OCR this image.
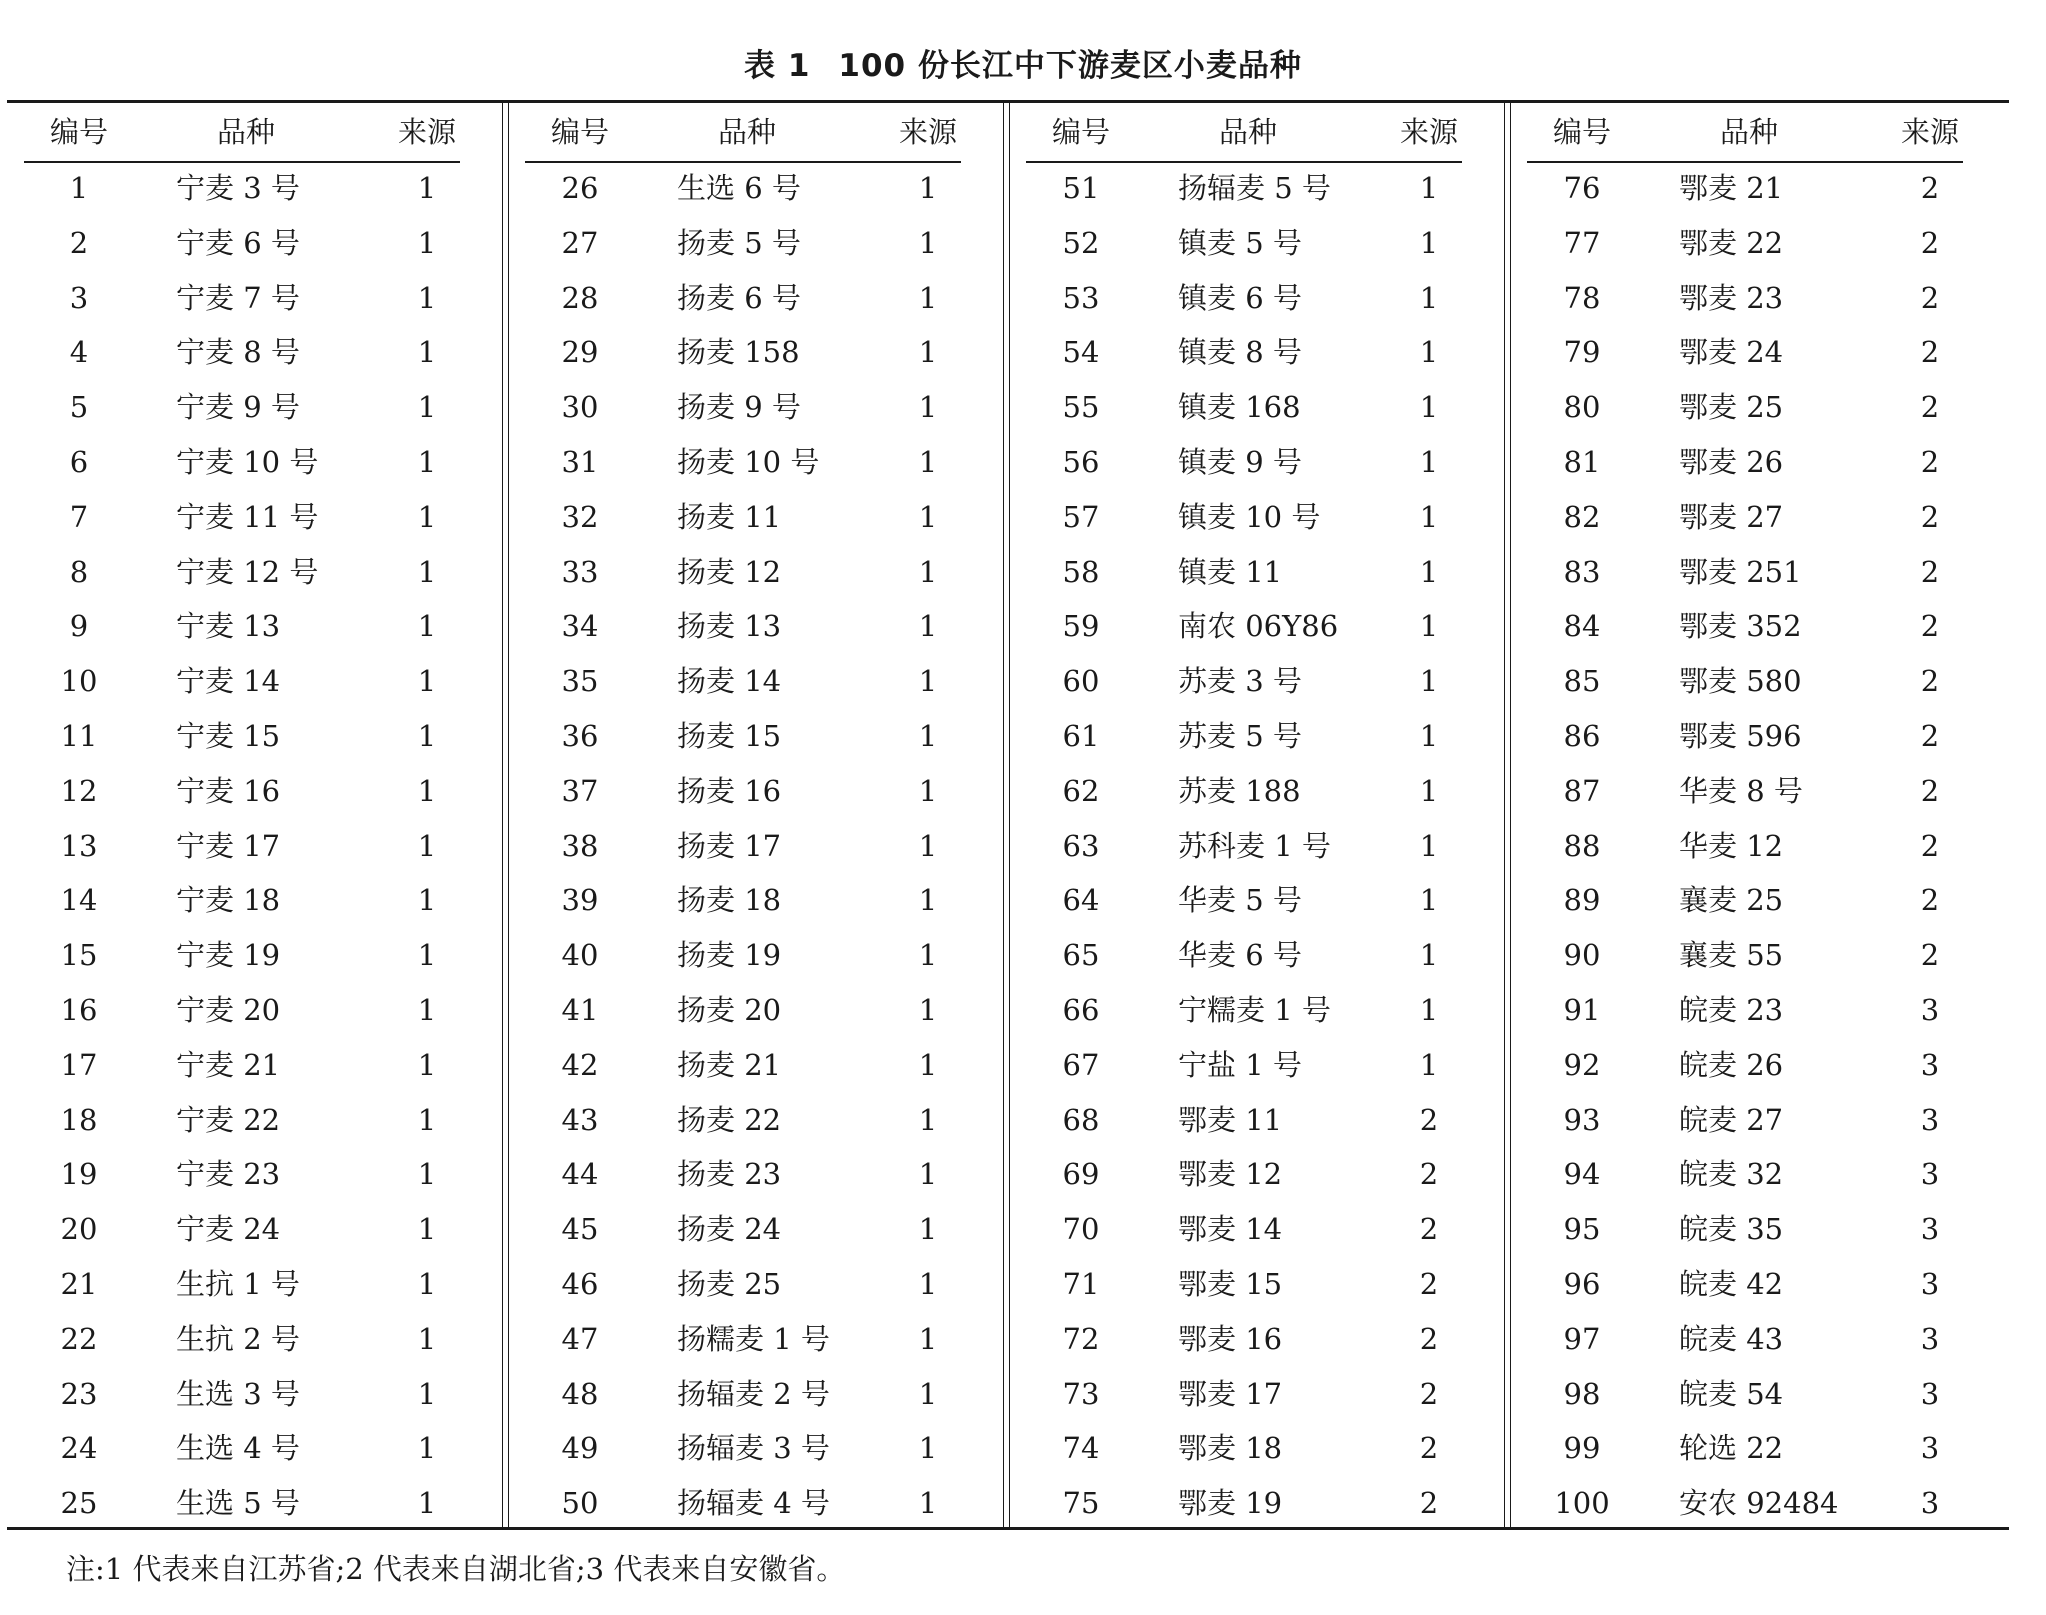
表 1 100 份长江中下游麦区小麦品种
编号	品种	来源
1	宁麦 3 号	1
2	宁麦 6 号	1
3	宁麦 7 号	1
4	宁麦 8 号	1
5	宁麦 9 号	1
6	宁麦 10 号	1
7	宁麦 11 号	1
8	宁麦 12 号	1
9	宁麦 13	1
10	宁麦 14	1
11	宁麦 15	1
12	宁麦 16	1
13	宁麦 17	1
14	宁麦 18	1
15	宁麦 19	1
16	宁麦 20	1
17	宁麦 21	1
18	宁麦 22	1
19	宁麦 23	1
20	宁麦 24	1
21	生抗 1 号	1
22	生抗 2 号	1
23	生选 3 号	1
24	生选 4 号	1
25	生选 5 号	1
编号	品种	来源
26	生选 6 号	1
27	扬麦 5 号	1
28	扬麦 6 号	1
29	扬麦 158	1
30	扬麦 9 号	1
31	扬麦 10 号	1
32	扬麦 11	1
33	扬麦 12	1
34	扬麦 13	1
35	扬麦 14	1
36	扬麦 15	1
37	扬麦 16	1
38	扬麦 17	1
39	扬麦 18	1
40	扬麦 19	1
41	扬麦 20	1
42	扬麦 21	1
43	扬麦 22	1
44	扬麦 23	1
45	扬麦 24	1
46	扬麦 25	1
47	扬糯麦 1 号	1
48	扬辐麦 2 号	1
49	扬辐麦 3 号	1
50	扬辐麦 4 号	1
编号	品种	来源
51	扬辐麦 5 号	1
52	镇麦 5 号	1
53	镇麦 6 号	1
54	镇麦 8 号	1
55	镇麦 168	1
56	镇麦 9 号	1
57	镇麦 10 号	1
58	镇麦 11	1
59	南农 06Y86	1
60	苏麦 3 号	1
61	苏麦 5 号	1
62	苏麦 188	1
63	苏科麦 1 号	1
64	华麦 5 号	1
65	华麦 6 号	1
66	宁糯麦 1 号	1
67	宁盐 1 号	1
68	鄂麦 11	2
69	鄂麦 12	2
70	鄂麦 14	2
71	鄂麦 15	2
72	鄂麦 16	2
73	鄂麦 17	2
74	鄂麦 18	2
75	鄂麦 19	2
编号	品种	来源
76	鄂麦 21	2
77	鄂麦 22	2
78	鄂麦 23	2
79	鄂麦 24	2
80	鄂麦 25	2
81	鄂麦 26	2
82	鄂麦 27	2
83	鄂麦 251	2
84	鄂麦 352	2
85	鄂麦 580	2
86	鄂麦 596	2
87	华麦 8 号	2
88	华麦 12	2
89	襄麦 25	2
90	襄麦 55	2
91	皖麦 23	3
92	皖麦 26	3
93	皖麦 27	3
94	皖麦 32	3
95	皖麦 35	3
96	皖麦 42	3
97	皖麦 43	3
98	皖麦 54	3
99	轮选 22	3
100	安农 92484	3
注:1 代表来自江苏省;2 代表来自湖北省;3 代表来自安徽省。
